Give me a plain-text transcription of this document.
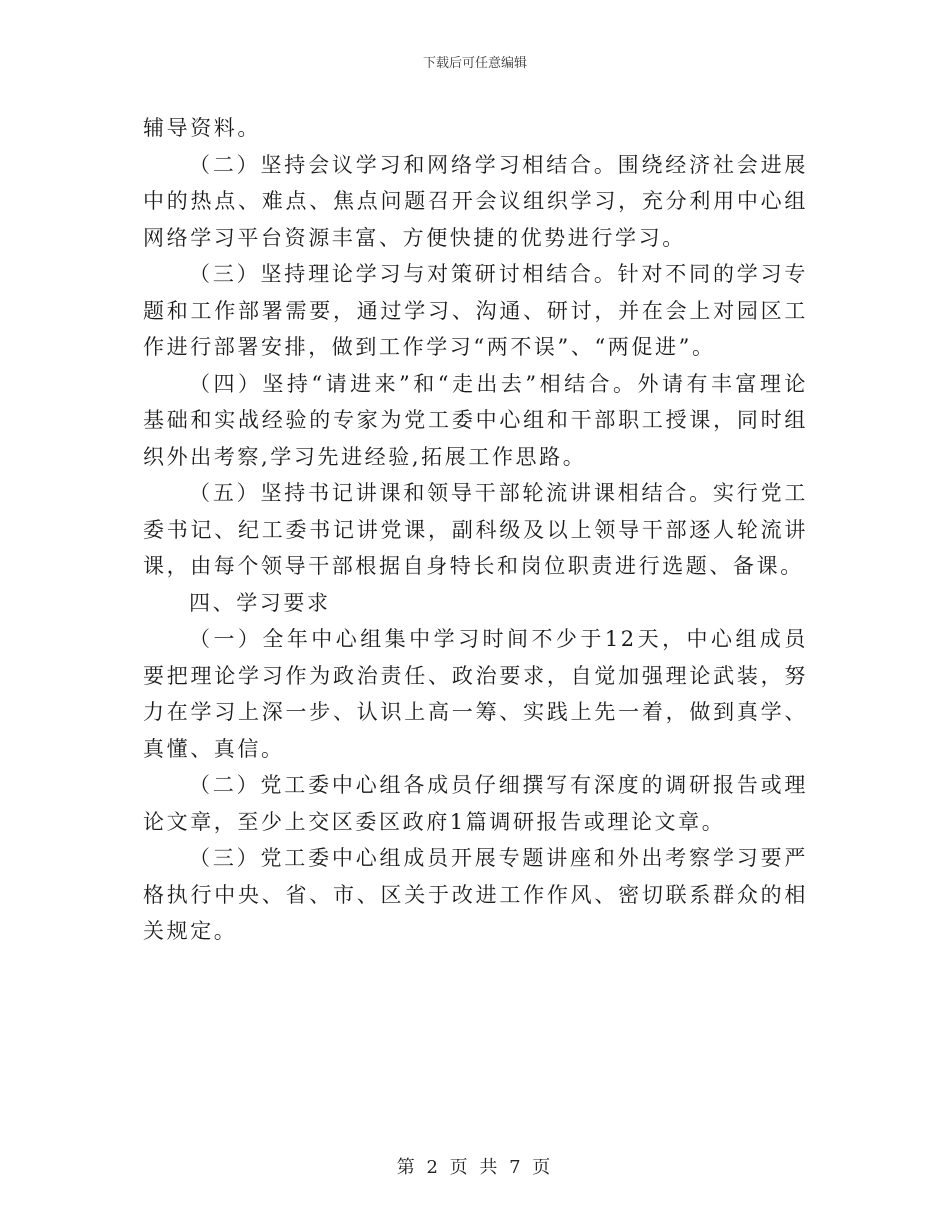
下载后可任意编辑

辅导资料。

（二）坚持会议学习和网络学习相结合。围绕经济社会进展中的热点、难点、焦点问题召开会议组织学习，充分利用中心组网络学习平台资源丰富、方便快捷的优势进行学习。

（三）坚持理论学习与对策研讨相结合。针对不同的学习专题和工作部署需要，通过学习、沟通、研讨，并在会上对园区工作进行部署安排，做到工作学习“两不误”、“两促进”。

（四）坚持“请进来”和“走出去”相结合。外请有丰富理论基础和实战经验的专家为党工委中心组和干部职工授课，同时组织外出考察,学习先进经验,拓展工作思路。

（五）坚持书记讲课和领导干部轮流讲课相结合。实行党工委书记、纪工委书记讲党课，副科级及以上领导干部逐人轮流讲课，由每个领导干部根据自身特长和岗位职责进行选题、备课。

四、学习要求

（一）全年中心组集中学习时间不少于12天，中心组成员要把理论学习作为政治责任、政治要求，自觉加强理论武装，努力在学习上深一步、认识上高一筹、实践上先一着，做到真学、真懂、真信。

（二）党工委中心组各成员仔细撰写有深度的调研报告或理论文章，至少上交区委区政府1篇调研报告或理论文章。

（三）党工委中心组成员开展专题讲座和外出考察学习要严格执行中央、省、市、区关于改进工作作风、密切联系群众的相关规定。

第 2 页 共 7 页
